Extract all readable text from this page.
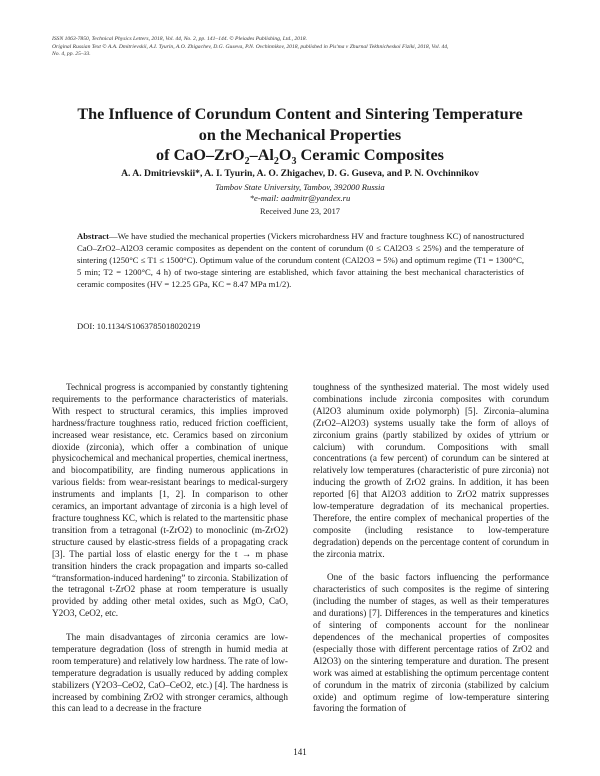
ISSN 1063-7850, Technical Physics Letters, 2018, Vol. 44, No. 2, pp. 141–144. © Pleiades Publishing, Ltd., 2018.
Original Russian Text © A.A. Dmitrievskii, A.I. Tyurin, A.O. Zhigachev, D.G. Guseva, P.N. Ovchinnikov, 2018, published in Pis'ma v Zhurnal Tekhnicheskoi Fiziki, 2018, Vol. 44,
No. 4, pp. 25–33.
The Influence of Corundum Content and Sintering Temperature
on the Mechanical Properties
of CaO–$ZrO_2-Al_2O_3$ Ceramic Composites
A. A. Dmitrievskii*, A. I. Tyurin, A. O. Zhigachev, D. G. Guseva, and P. N. Ovchinnikov
Tambov State University, Tambov, 392000 Russia
*e-mail: aadmitr@yandex.ru
Received June 23, 2017
Abstract—We have studied the mechanical properties (Vickers microhardness HV and fracture toughness KC) of nanostructured CaO–ZrO2–Al2O3 ceramic composites as dependent on the content of corundum (0 ≤ CAl2O3 ≤ 25%) and the temperature of sintering (1250°C ≤ T1 ≤ 1500°C). Optimum value of the corundum content (CAl2O3 = 5%) and optimum regime (T1 = 1300°C, 5 min; T2 = 1200°C, 4 h) of two-stage sintering are established, which favor attaining the best mechanical characteristics of ceramic composites (HV = 12.25 GPa, KC = 8.47 MPa m1/2).
DOI: 10.1134/S1063785018020219

Technical progress is accompanied by constantly tightening requirements to the performance characteristics of materials. With respect to structural ceramics, this implies improved hardness/fracture toughness ratio, reduced friction coefficient, increased wear resistance, etc. Ceramics based on zirconium dioxide (zirconia), which offer a combination of unique physicochemical and mechanical properties, chemical inertness, and biocompatibility, are finding numerous applications in various fields: from wear-resistant bearings to medical-surgery instruments and implants [1, 2]. In comparison to other ceramics, an important advantage of zirconia is a high level of fracture toughness KC, which is related to the martensitic phase transition from a tetragonal (t-ZrO2) to monoclinic (m-ZrO2) structure caused by elastic-stress fields of a propagating crack [3]. The partial loss of elastic energy for the t → m phase transition hinders the crack propagation and imparts so-called “transformation-induced hardening” to zirconia. Stabilization of the tetragonal t-ZrO2 phase at room temperature is usually provided by adding other metal oxides, such as MgO, CaO, Y2O3, CeO2, etc.

The main disadvantages of zirconia ceramics are low-temperature degradation (loss of strength in humid media at room temperature) and relatively low hardness. The rate of low-temperature degradation is usually reduced by adding complex stabilizers (Y2O3–CeO2, CaO–CeO2, etc.) [4]. The hardness is increased by combining ZrO2 with stronger ceramics, although this can lead to a decrease in the fracture

toughness of the synthesized material. The most widely used combinations include zirconia composites with corundum (Al2O3 aluminum oxide polymorph) [5]. Zirconia–alumina (ZrO2–Al2O3) systems usually take the form of alloys of zirconium grains (partly stabilized by oxides of yttrium or calcium) with corundum. Compositions with small concentrations (a few percent) of corundum can be sintered at relatively low temperatures (characteristic of pure zirconia) not inducing the growth of ZrO2 grains. In addition, it has been reported [6] that Al2O3 addition to ZrO2 matrix suppresses low-temperature degradation of its mechanical properties. Therefore, the entire complex of mechanical properties of the composite (including resistance to low-temperature degradation) depends on the percentage content of corundum in the zirconia matrix.

One of the basic factors influencing the performance characteristics of such composites is the regime of sintering (including the number of stages, as well as their temperatures and durations) [7]. Differences in the temperatures and kinetics of sintering of components account for the nonlinear dependences of the mechanical properties of composites (especially those with different percentage ratios of ZrO2 and Al2O3) on the sintering temperature and duration. The present work was aimed at establishing the optimum percentage content of corundum in the matrix of zirconia (stabilized by calcium oxide) and optimum regime of low-temperature sintering favoring the formation of

141
